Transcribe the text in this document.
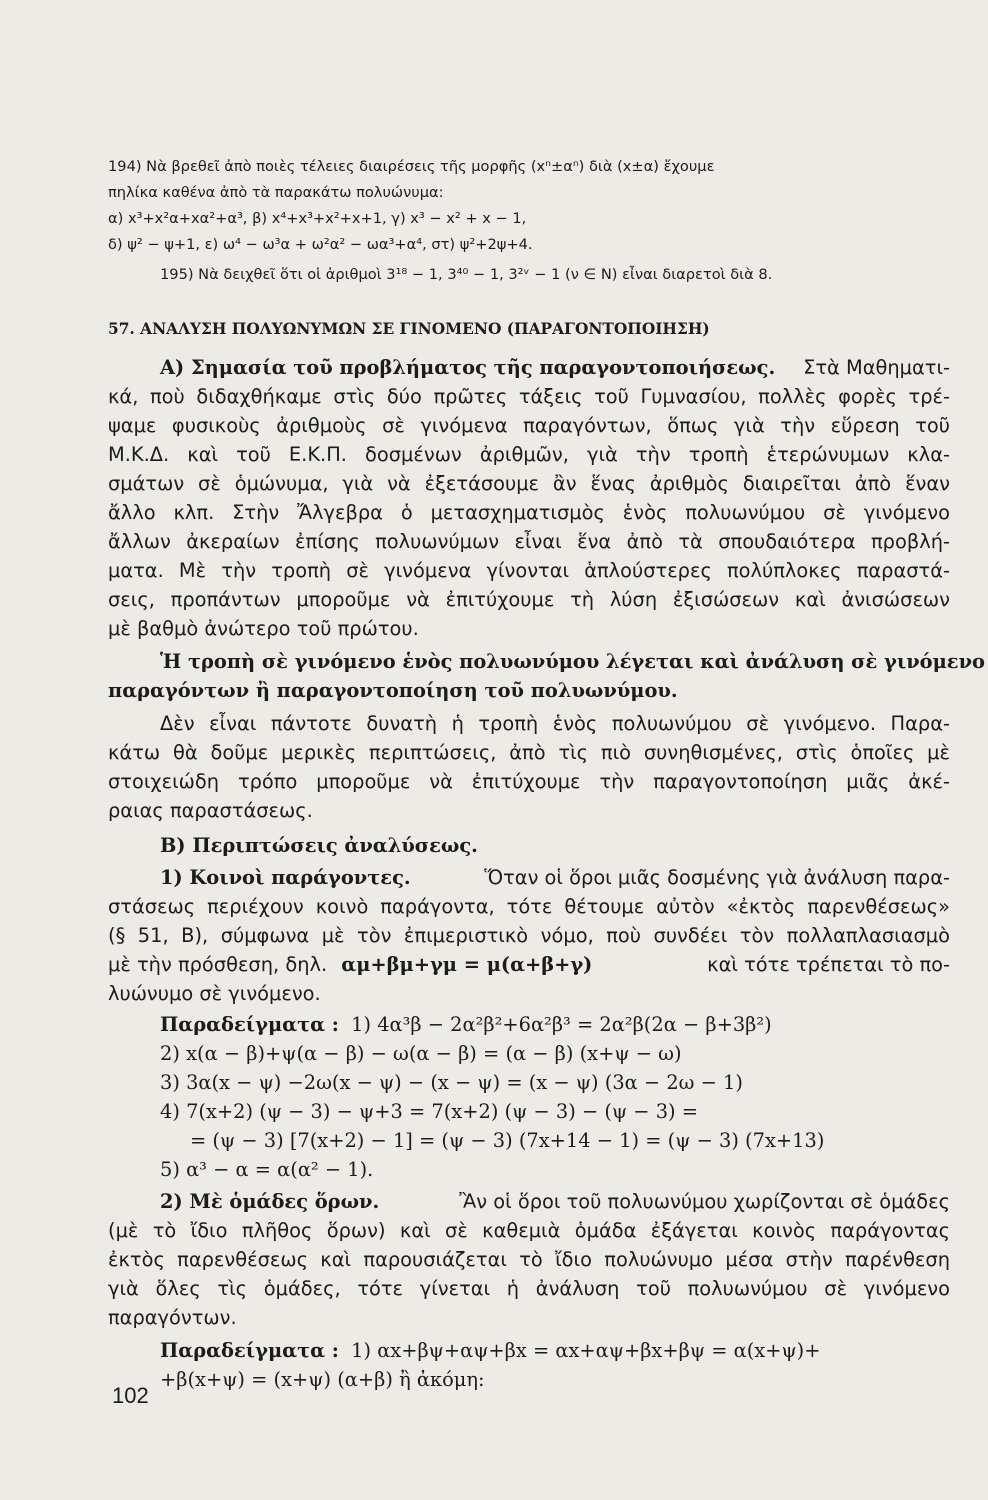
194) Νὰ βρεθεῖ ἀπὸ ποιὲς τέλειες διαιρέσεις τῆς μορφῆς (xⁿ±αⁿ) διὰ (x±α) ἔχουμε
πηλίκα καθένα ἀπὸ τὰ παρακάτω πολυώνυμα:
α) x³+x²α+xα²+α³, β) x⁴+x³+x²+x+1, γ) x³ − x² + x − 1,
δ) ψ² − ψ+1, ε) ω⁴ − ω³α + ω²α² − ωα³+α⁴, στ) ψ²+2ψ+4.
195) Νὰ δειχθεῖ ὅτι οἱ ἀριθμοὶ 3¹⁸ − 1, 3⁴⁰ − 1, 3²ᵛ − 1 (ν ∈ N) εἶναι διαρετοὶ διὰ 8.
57. ΑΝΑΛΥΣΗ ΠΟΛΥΩΝΥΜΩΝ ΣΕ ΓΙΝΟΜΕΝΟ (ΠΑΡΑΓΟΝΤΟΠΟΙΗΣΗ)
Α) Σημασία τοῦ προβλήματος τῆς παραγοντοποιήσεως. Στὰ Μαθηματι-
κά, ποὺ διδαχθήκαμε στὶς δύο πρῶτες τάξεις τοῦ Γυμνασίου, πολλὲς φορὲς τρέ-
ψαμε φυσικοὺς ἀριθμοὺς σὲ γινόμενα παραγόντων, ὅπως γιὰ τὴν εὕρεση τοῦ
Μ.Κ.Δ. καὶ τοῦ Ε.Κ.Π. δοσμένων ἀριθμῶν, γιὰ τὴν τροπὴ ἑτερώνυμων κλα-
σμάτων σὲ ὁμώνυμα, γιὰ νὰ ἐξετάσουμε ἂν ἕνας ἀριθμὸς διαιρεῖται ἀπὸ ἕναν
ἄλλο κλπ. Στὴν Ἄλγεβρα ὁ μετασχηματισμὸς ἑνὸς πολυωνύμου σὲ γινόμενο
ἄλλων ἀκεραίων ἐπίσης πολυωνύμων εἶναι ἕνα ἀπὸ τὰ σπουδαιότερα προβλή-
ματα. Μὲ τὴν τροπὴ σὲ γινόμενα γίνονται ἁπλούστερες πολύπλοκες παραστά-
σεις, προπάντων μποροῦμε νὰ ἐπιτύχουμε τὴ λύση ἐξισώσεων καὶ ἀνισώσεων
μὲ βαθμὸ ἀνώτερο τοῦ πρώτου.
Ἡ τροπὴ σὲ γινόμενο ἑνὸς πολυωνύμου λέγεται καὶ ἀνάλυση σὲ γινόμενο
παραγόντων ἢ παραγοντοποίηση τοῦ πολυωνύμου.
Δὲν εἶναι πάντοτε δυνατὴ ἡ τροπὴ ἑνὸς πολυωνύμου σὲ γινόμενο. Παρα-
κάτω θὰ δοῦμε μερικὲς περιπτώσεις, ἀπὸ τὶς πιὸ συνηθισμένες, στὶς ὁποῖες μὲ
στοιχειώδη τρόπο μποροῦμε νὰ ἐπιτύχουμε τὴν παραγοντοποίηση μιᾶς ἀκέ-
ραιας παραστάσεως.
Β) Περιπτώσεις ἀναλύσεως.
1) Κοινοὶ παράγοντες.	Ὅταν οἱ ὅροι μιᾶς δοσμένης γιὰ ἀνάλυση παρα-
στάσεως περιέχουν κοινὸ παράγοντα, τότε θέτουμε αὐτὸν «ἐκτὸς παρενθέσεως»
(§ 51, Β), σύμφωνα μὲ τὸν ἐπιμεριστικὸ νόμο, ποὺ συνδέει τὸν πολλαπλασιασμὸ
μὲ τὴν πρόσθεση, δηλ. αμ+βμ+γμ = μ(α+β+γ)	καὶ τότε τρέπεται τὸ πο-
λυώνυμο σὲ γινόμενο.
Παραδείγματα : 1) 4α³β − 2α²β²+6α²β³ = 2α²β(2α − β+3β²)
2) x(α − β)+ψ(α − β) − ω(α − β) = (α − β) (x+ψ − ω)
3) 3α(x − ψ) −2ω(x − ψ) − (x − ψ) = (x − ψ) (3α − 2ω − 1)
4) 7(x+2) (ψ − 3) − ψ+3 = 7(x+2) (ψ − 3) − (ψ − 3) =
= (ψ − 3) [7(x+2) − 1] = (ψ − 3) (7x+14 − 1) = (ψ − 3) (7x+13)
5) α³ − α = α(α² − 1).
2) Μὲ ὁμάδες ὅρων.	Ἂν οἱ ὅροι τοῦ πολυωνύμου χωρίζονται σὲ ὁμάδες
(μὲ τὸ ἴδιο πλῆθος ὅρων) καὶ σὲ καθεμιὰ ὁμάδα ἐξάγεται κοινὸς παράγοντας
ἐκτὸς παρενθέσεως καὶ παρουσιάζεται τὸ ἴδιο πολυώνυμο μέσα στὴν παρένθεση
γιὰ ὅλες τὶς ὁμάδες, τότε γίνεται ἡ ἀνάλυση τοῦ πολυωνύμου σὲ γινόμενο
παραγόντων.
Παραδείγματα : 1) αx+βψ+αψ+βx = αx+αψ+βx+βψ = α(x+ψ)+
+β(x+ψ) = (x+ψ) (α+β) ἢ ἀκόμη:
102
